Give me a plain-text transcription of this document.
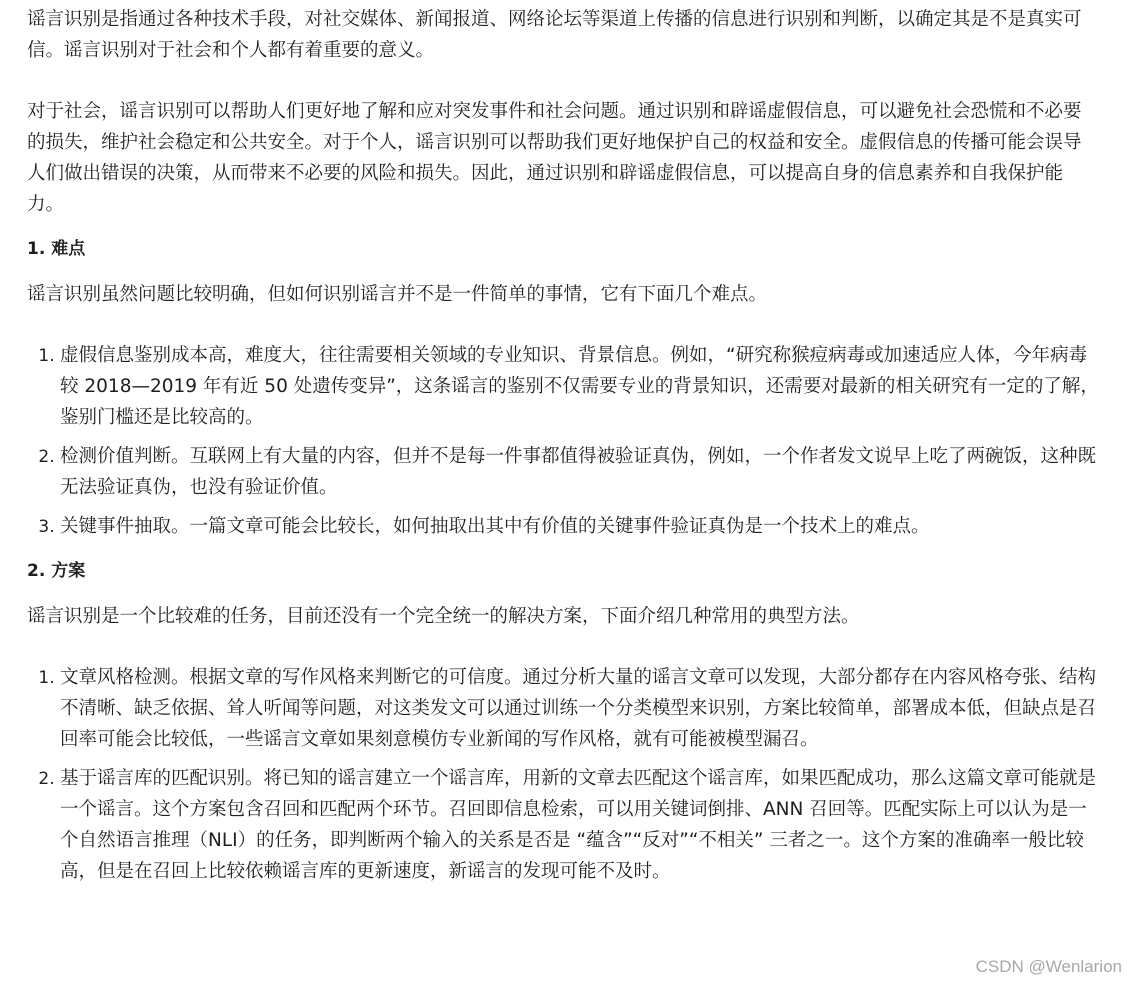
谣言识别是指通过各种技术手段，对社交媒体、新闻报道、网络论坛等渠道上传播的信息进行识别和判断，以确定其是不是真实可信。谣言识别对于社会和个人都有着重要的意义。

对于社会，谣言识别可以帮助人们更好地了解和应对突发事件和社会问题。通过识别和辟谣虚假信息，可以避免社会恐慌和不必要的损失，维护社会稳定和公共安全。对于个人，谣言识别可以帮助我们更好地保护自己的权益和安全。虚假信息的传播可能会误导人们做出错误的决策，从而带来不必要的风险和损失。因此，通过识别和辟谣虚假信息，可以提高自身的信息素养和自我保护能力。

1. 难点

谣言识别虽然问题比较明确，但如何识别谣言并不是一件简单的事情，它有下面几个难点。

1. 虚假信息鉴别成本高，难度大，往往需要相关领域的专业知识、背景信息。例如，“研究称猴痘病毒或加速适应人体，今年病毒较 2018—2019 年有近 50 处遗传变异”，这条谣言的鉴别不仅需要专业的背景知识，还需要对最新的相关研究有一定的了解，鉴别门槛还是比较高的。
2. 检测价值判断。互联网上有大量的内容，但并不是每一件事都值得被验证真伪，例如，一个作者发文说早上吃了两碗饭，这种既无法验证真伪，也没有验证价值。
3. 关键事件抽取。一篇文章可能会比较长，如何抽取出其中有价值的关键事件验证真伪是一个技术上的难点。
2. 方案

谣言识别是一个比较难的任务，目前还没有一个完全统一的解决方案，下面介绍几种常用的典型方法。

1. 文章风格检测。根据文章的写作风格来判断它的可信度。通过分析大量的谣言文章可以发现，大部分都存在内容风格夸张、结构不清晰、缺乏依据、耸人听闻等问题，对这类发文可以通过训练一个分类模型来识别，方案比较简单，部署成本低，但缺点是召回率可能会比较低，一些谣言文章如果刻意模仿专业新闻的写作风格，就有可能被模型漏召。
2. 基于谣言库的匹配识别。将已知的谣言建立一个谣言库，用新的文章去匹配这个谣言库，如果匹配成功，那么这篇文章可能就是一个谣言。这个方案包含召回和匹配两个环节。召回即信息检索，可以用关键词倒排、ANN 召回等。匹配实际上可以认为是一个自然语言推理（NLI）的任务，即判断两个输入的关系是否是 “蕴含”“反对”“不相关” 三者之一。这个方案的准确率一般比较高，但是在召回上比较依赖谣言库的更新速度，新谣言的发现可能不及时。
CSDN @Wenlarion
